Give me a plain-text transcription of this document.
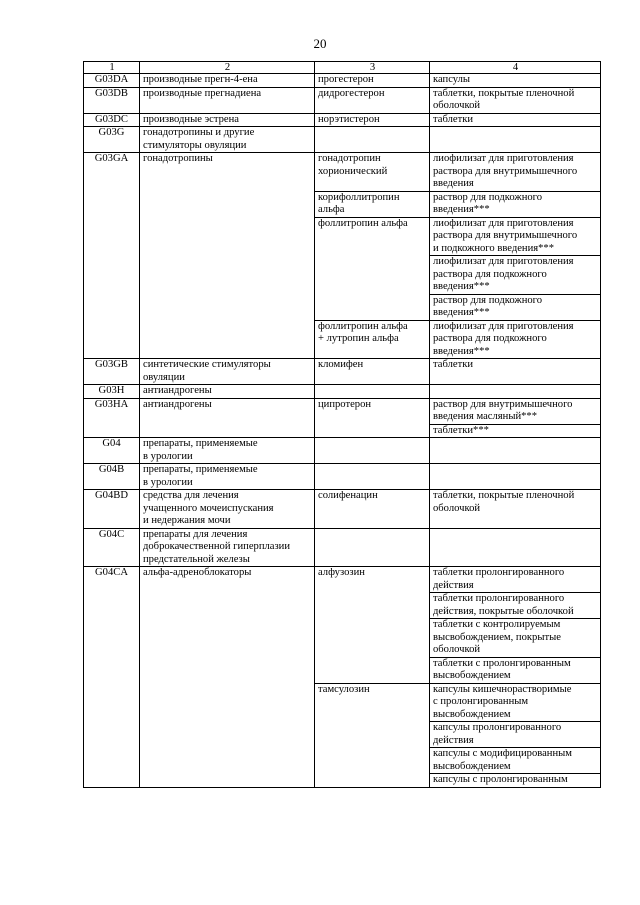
20
1	2	3	4
G03DA	производные прегн-4-ена	прогестерон	капсулы
G03DB	производные прегнадиена	дидрогестерон	таблетки, покрытые пленочной
оболочкой
G03DC	производные эстрена	норэтистерон	таблетки
G03G	гонадотропины и другие
стимуляторы овуляции		
G03GA	гонадотропины	гонадотропин
хорионический	лиофилизат для приготовления
раствора для внутримышечного
введения
		корифоллитропин
альфа	раствор для подкожного
введения***
		фоллитропин альфа	лиофилизат для приготовления
раствора для внутримышечного
и подкожного введения***
			лиофилизат для приготовления
раствора для подкожного
введения***
			раствор для подкожного
введения***
		фоллитропин альфа
+ лутропин альфа	лиофилизат для приготовления
раствора для подкожного
введения***
G03GB	синтетические стимуляторы
овуляции	кломифен	таблетки
G03H	антиандрогены		
G03HA	антиандрогены	ципротерон	раствор для внутримышечного
введения масляный***
			таблетки***
G04	препараты, применяемые
в урологии		
G04B	препараты, применяемые
в урологии		
G04BD	средства для лечения
учащенного мочеиспускания
и недержания мочи	солифенацин	таблетки, покрытые пленочной
оболочкой
G04C	препараты для лечения
доброкачественной гиперплазии
предстательной железы		
G04CA	альфа-адреноблокаторы	алфузозин	таблетки пролонгированного
действия
			таблетки пролонгированного
действия, покрытые оболочкой
			таблетки с контролируемым
высвобождением, покрытые
оболочкой
			таблетки с пролонгированным
высвобождением
		тамсулозин	капсулы кишечнорастворимые
с пролонгированным
высвобождением
			капсулы пролонгированного
действия
			капсулы с модифицированным
высвобождением
			капсулы с пролонгированным
